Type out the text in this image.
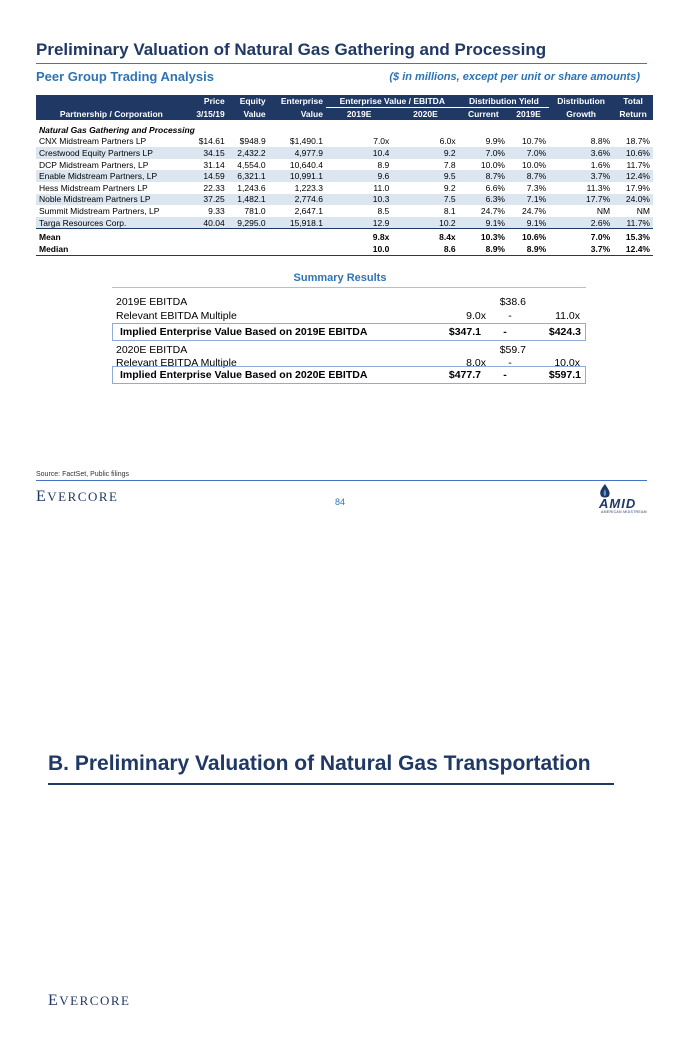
Preliminary Valuation of Natural Gas Gathering and Processing
Peer Group Trading Analysis	($ in millions, except per unit or share amounts)
	Price	Equity	Enterprise	Enterprise Value / EBITDA		Distribution Yield		Distribution	Total
Partnership / Corporation	3/15/19	Value	Value	2019E	2020E	Current	2019E	Growth	Return
Natural Gas Gathering and Processing									
CNX Midstream Partners LP	$14.61	$948.9	$1,490.1	7.0x	6.0x	9.9%	10.7%	8.8%	18.7%
Crestwood Equity Partners LP	34.15	2,432.2	4,977.9	10.4	9.2	7.0%	7.0%	3.6%	10.6%
DCP Midstream Partners, LP	31.14	4,554.0	10,640.4	8.9	7.8	10.0%	10.0%	1.6%	11.7%
Enable Midstream Partners, LP	14.59	6,321.1	10,991.1	9.6	9.5	8.7%	8.7%	3.7%	12.4%
Hess Midstream Partners LP	22.33	1,243.6	1,223.3	11.0	9.2	6.6%	7.3%	11.3%	17.9%
Noble Midstream Partners LP	37.25	1,482.1	2,774.6	10.3	7.5	6.3%	7.1%	17.7%	24.0%
Summit Midstream Partners, LP	9.33	781.0	2,647.1	8.5	8.1	24.7%	24.7%	NM	NM
Targa Resources Corp.	40.04	9,295.0	15,918.1	12.9	10.2	9.1%	9.1%	2.6%	11.7%
Mean				9.8x	8.4x	10.3%	10.6%	7.0%	15.3%
Median				10.0	8.6	8.9%	8.9%	3.7%	12.4%
Summary Results
2019E EBITDA	$38.6
Relevant EBITDA Multiple	9.0x	-	11.0x
Implied Enterprise Value Based on 2019E EBITDA	$347.1	-	$424.3
2020E EBITDA	$59.7
Relevant EBITDA Multiple	8.0x	-	10.0x
Implied Enterprise Value Based on 2020E EBITDA	$477.7	-	$597.1
Source: FactSet, Public filings
EVERCORE	84	AMID
AMERICAN MIDSTREAM
B. Preliminary Valuation of Natural Gas Transportation
EVERCORE
